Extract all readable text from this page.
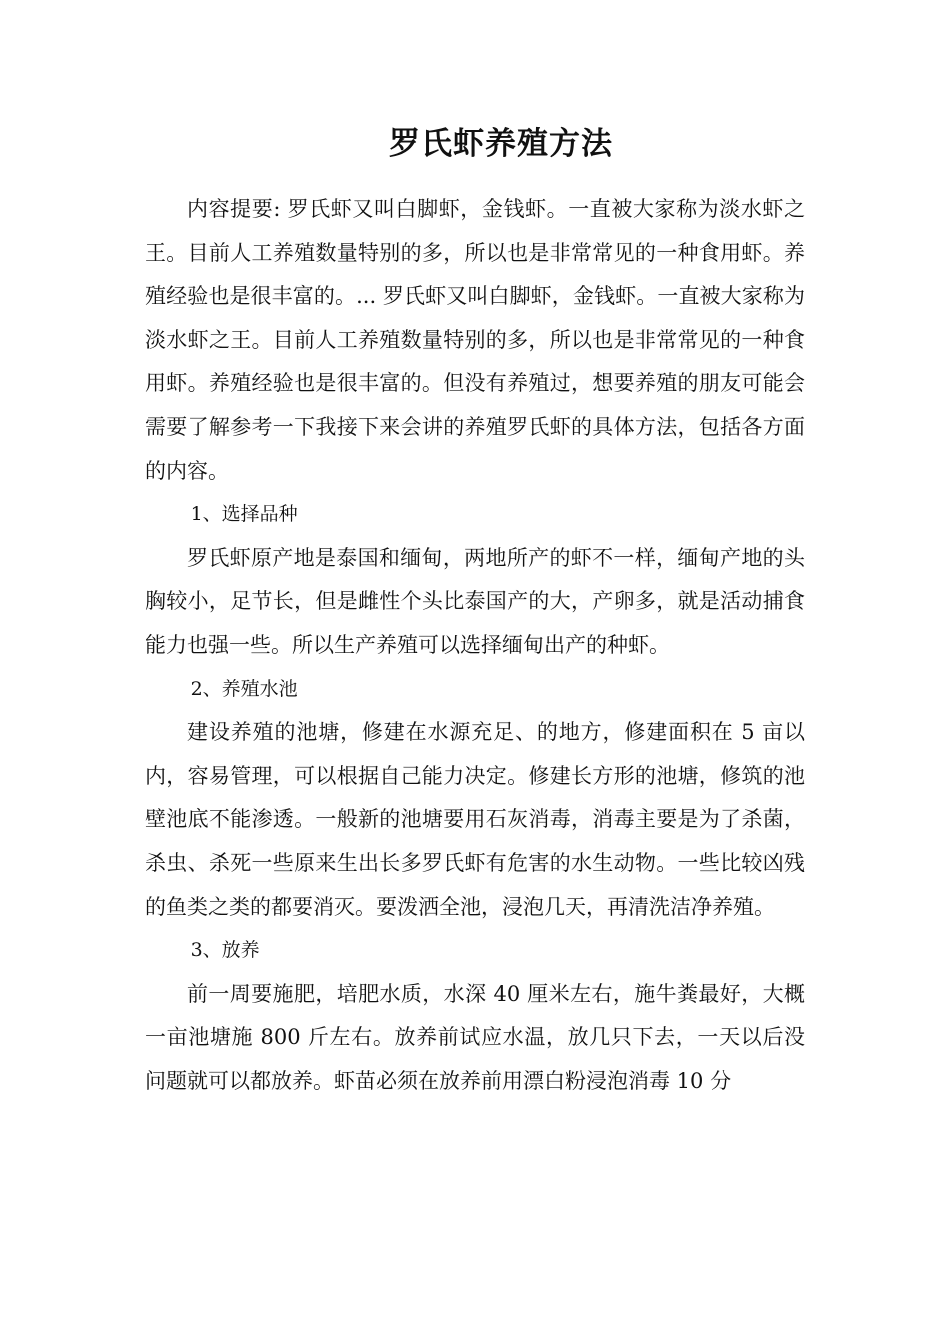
罗氏虾养殖方法

内容提要: 罗氏虾又叫白脚虾，金钱虾。一直被大家称为淡水虾之王。目前人工养殖数量特别的多，所以也是非常常见的一种食用虾。养殖经验也是很丰富的。... 罗氏虾又叫白脚虾，金钱虾。一直被大家称为淡水虾之王。目前人工养殖数量特别的多，所以也是非常常见的一种食用虾。养殖经验也是很丰富的。但没有养殖过，想要养殖的朋友可能会需要了解参考一下我接下来会讲的养殖罗氏虾的具体方法，包括各方面的内容。

1、选择品种

罗氏虾原产地是泰国和缅甸，两地所产的虾不一样，缅甸产地的头胸较小，足节长，但是雌性个头比泰国产的大，产卵多，就是活动捕食能力也强一些。所以生产养殖可以选择缅甸出产的种虾。

2、养殖水池

建设养殖的池塘，修建在水源充足、的地方，修建面积在 5 亩以内，容易管理，可以根据自己能力决定。修建长方形的池塘，修筑的池壁池底不能渗透。一般新的池塘要用石灰消毒，消毒主要是为了杀菌，杀虫、杀死一些原来生出长多罗氏虾有危害的水生动物。一些比较凶残的鱼类之类的都要消灭。要泼洒全池，浸泡几天，再清洗洁净养殖。

3、放养

前一周要施肥，培肥水质，水深 40 厘米左右，施牛粪最好，大概一亩池塘施 800 斤左右。放养前试应水温，放几只下去，一天以后没问题就可以都放养。虾苗必须在放养前用漂白粉浸泡消毒 10 分
